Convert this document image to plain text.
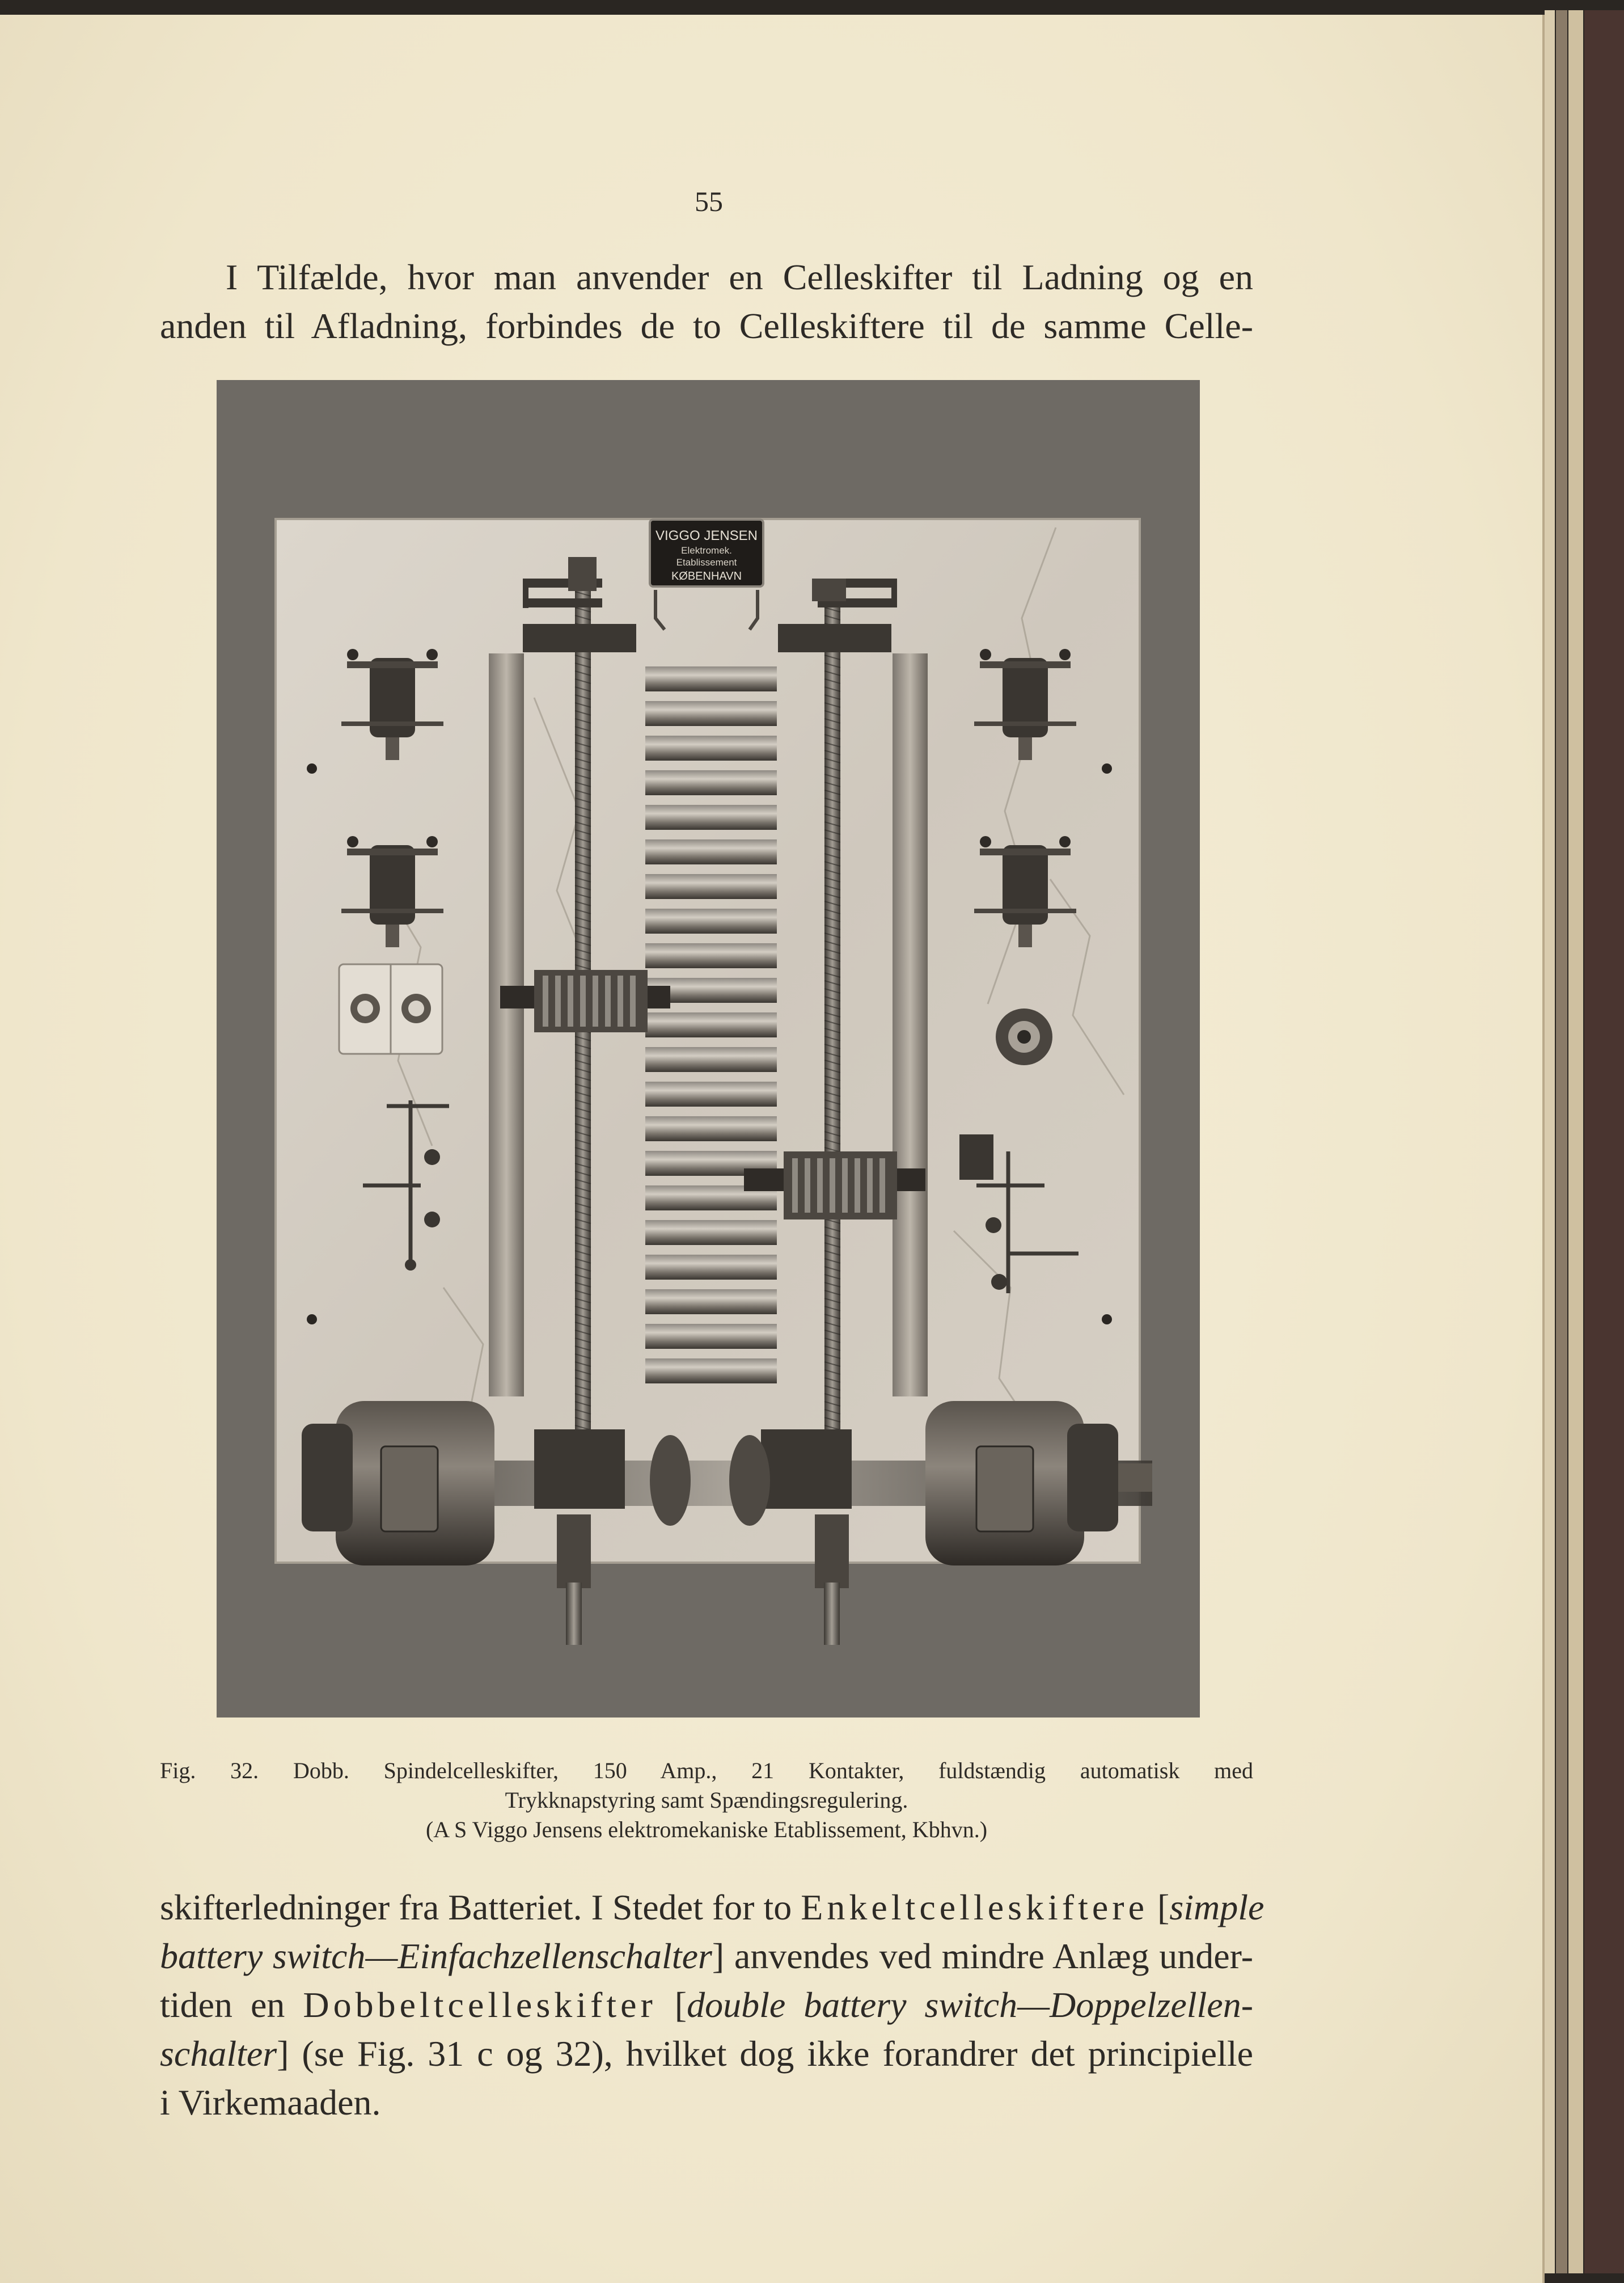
55
I Tilfælde, hvor man anvender en Celleskifter til Ladning og en
anden til Afladning, forbindes de to Celleskiftere til de samme Celle-
VIGGO JENSEN
Elektromek.
Etablissement
KØBENHAVN
Fig. 32. Dobb. Spindelcelleskifter, 150 Amp., 21 Kontakter, fuldstændig automatisk med
Trykknapstyring samt Spændingsregulering.
(A S Viggo Jensens elektromekaniske Etablissement, Kbhvn.)
skifterledninger fra Batteriet. I Stedet for to Enkeltcelleskiftere [simple
battery switch—Einfachzellenschalter] anvendes ved mindre Anlæg under-
tiden en Dobbeltcelleskifter [double battery switch—Doppelzellen-
schalter] (se Fig. 31 c og 32), hvilket dog ikke forandrer det principielle
i Virkemaaden.
